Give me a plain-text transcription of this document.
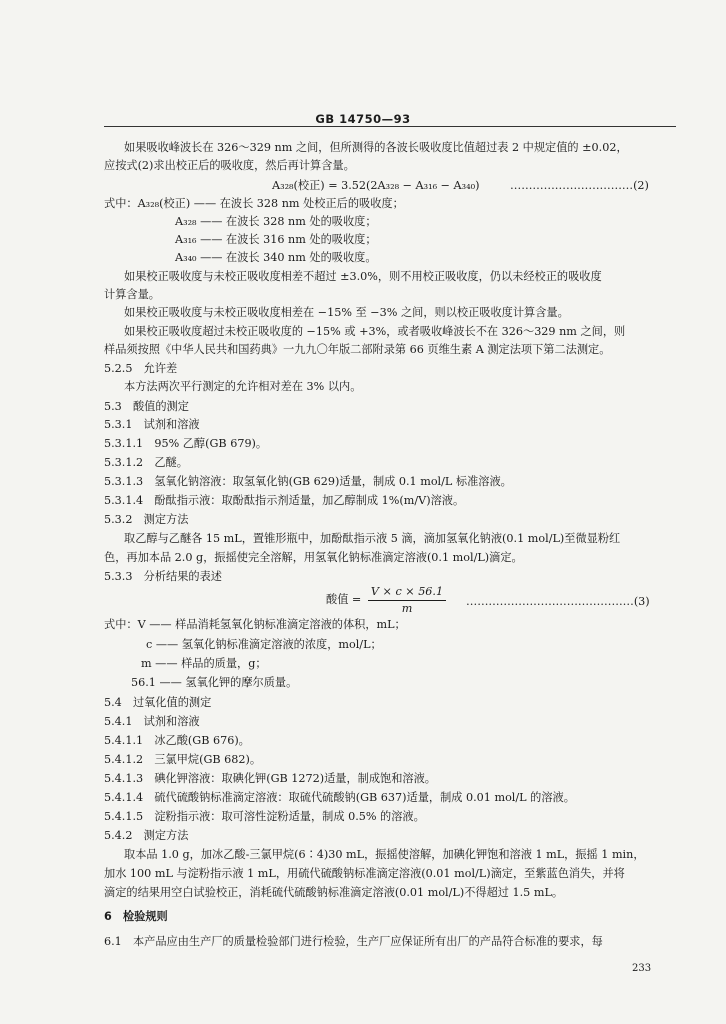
GB 14750—93
如果吸收峰波长在 326～329 nm 之间，但所测得的各波长吸收度比值超过表 2 中规定值的 ±0.02，
应按式(2)求出校正后的吸收度，然后再计算含量。
A₃₂₈(校正) = 3.52(2A₃₂₈ − A₃₁₆ − A₃₄₀)	……………………………(2)
式中：A₃₂₈(校正) —— 在波长 328 nm 处校正后的吸收度；
A₃₂₈ —— 在波长 328 nm 处的吸收度；
A₃₁₆ —— 在波长 316 nm 处的吸收度；
A₃₄₀ —— 在波长 340 nm 处的吸收度。
如果校正吸收度与未校正吸收度相差不超过 ±3.0%，则不用校正吸收度，仍以未经校正的吸收度
计算含量。
如果校正吸收度与未校正吸收度相差在 −15% 至 −3% 之间，则以校正吸收度计算含量。
如果校正吸收度超过未校正吸收度的 −15% 或 +3%，或者吸收峰波长不在 326～329 nm 之间，则
样品须按照《中华人民共和国药典》一九九〇年版二部附录第 66 页维生素 A 测定法项下第二法测定。
5.2.5　允许差
本方法两次平行测定的允许相对差在 3% 以内。
5.3　酸值的测定
5.3.1　试剂和溶液
5.3.1.1　95% 乙醇(GB 679)。
5.3.1.2　乙醚。
5.3.1.3　氢氧化钠溶液：取氢氧化钠(GB 629)适量，制成 0.1 mol/L 标准溶液。
5.3.1.4　酚酞指示液：取酚酞指示剂适量，加乙醇制成 1%(m/V)溶液。
5.3.2　测定方法
取乙醇与乙醚各 15 mL，置锥形瓶中，加酚酞指示液 5 滴，滴加氢氧化钠液(0.1 mol/L)至微显粉红
色，再加本品 2.0 g，振摇使完全溶解，用氢氧化钠标准滴定溶液(0.1 mol/L)滴定。
5.3.3　分析结果的表述
酸值 = $\frac{V \times c \times 56.1}{m}$ ………………………………………(3)
式中：V —— 样品消耗氢氧化钠标准滴定溶液的体积，mL；
c —— 氢氧化钠标准滴定溶液的浓度，mol/L；
m —— 样品的质量，g；
56.1 —— 氢氧化钾的摩尔质量。
5.4　过氧化值的测定
5.4.1　试剂和溶液
5.4.1.1　冰乙酸(GB 676)。
5.4.1.2　三氯甲烷(GB 682)。
5.4.1.3　碘化钾溶液：取碘化钾(GB 1272)适量，制成饱和溶液。
5.4.1.4　硫代硫酸钠标准滴定溶液：取硫代硫酸钠(GB 637)适量，制成 0.01 mol/L 的溶液。
5.4.1.5　淀粉指示液：取可溶性淀粉适量，制成 0.5% 的溶液。
5.4.2　测定方法
取本品 1.0 g，加冰乙酸-三氯甲烷(6∶4)30 mL，振摇使溶解，加碘化钾饱和溶液 1 mL，振摇 1 min，
加水 100 mL 与淀粉指示液 1 mL，用硫代硫酸钠标准滴定溶液(0.01 mol/L)滴定，至紫蓝色消失，并将
滴定的结果用空白试验校正，消耗硫代硫酸钠标准滴定溶液(0.01 mol/L)不得超过 1.5 mL。
6　检验规则
6.1　本产品应由生产厂的质量检验部门进行检验，生产厂应保证所有出厂的产品符合标准的要求，每
233
